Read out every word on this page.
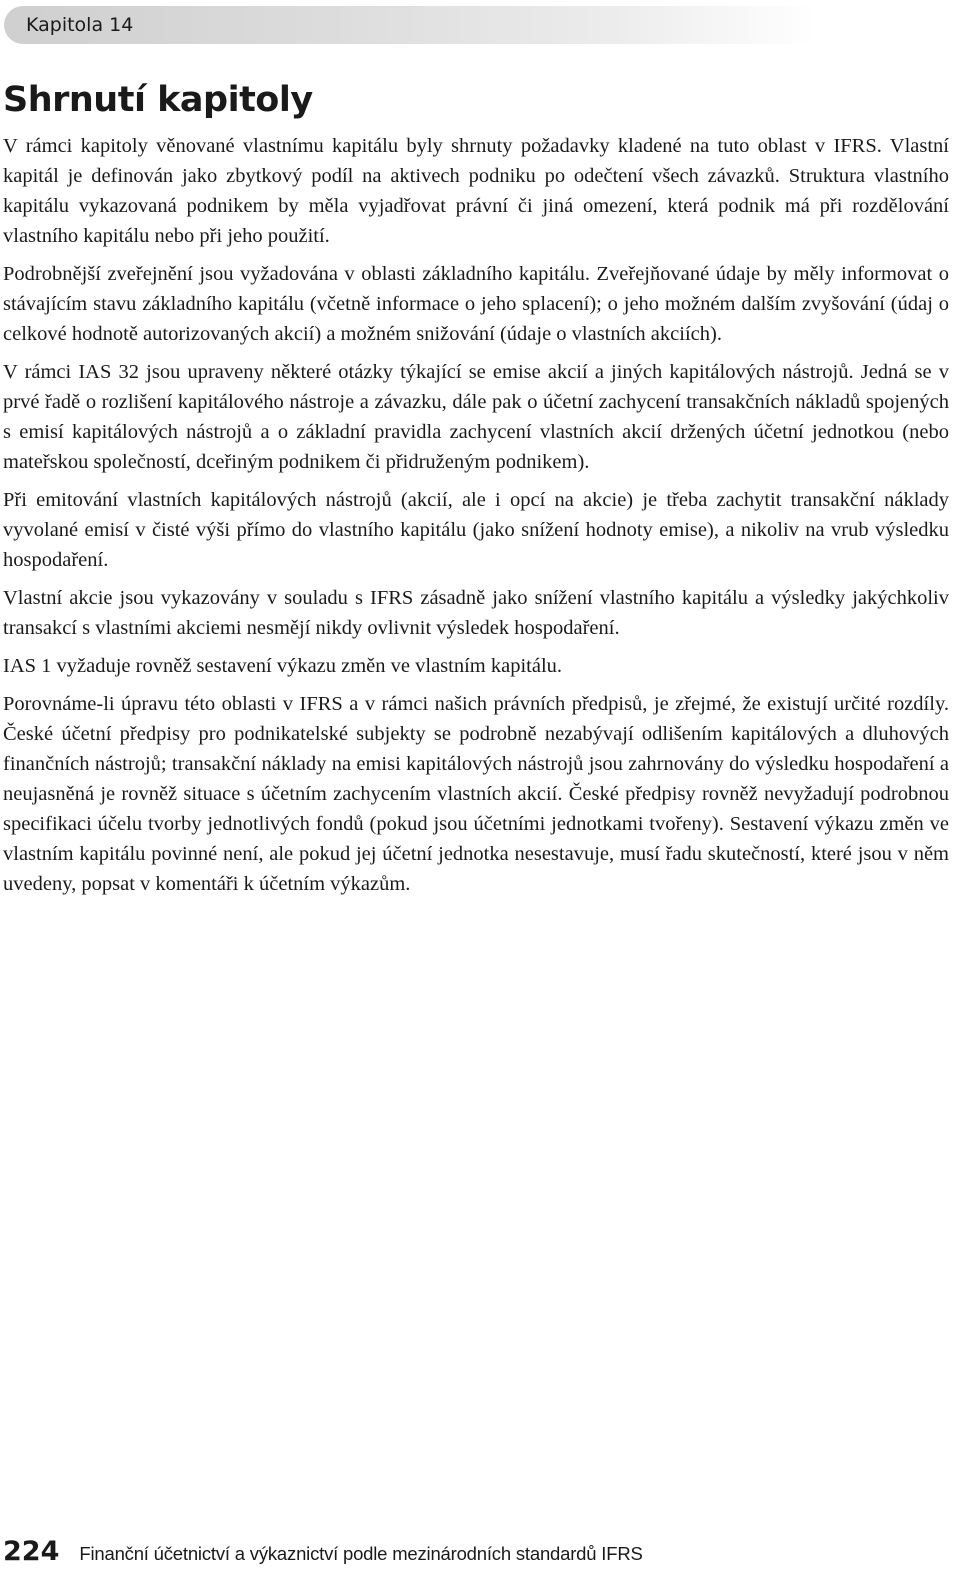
Kapitola 14
Shrnutí kapitoly

V rámci kapitoly věnované vlastnímu kapitálu byly shrnuty požadavky kladené na tuto oblast v IFRS. Vlastní kapitál je definován jako zbytkový podíl na aktivech podniku po odečtení všech závazků. Struktura vlastního kapitálu vykazovaná podnikem by měla vyjadřovat právní či jiná omezení, která podnik má při rozdělování vlastního kapitálu nebo při jeho použití.

Podrobnější zveřejnění jsou vyžadována v oblasti základního kapitálu. Zveřejňované údaje by měly informovat o stávajícím stavu základního kapitálu (včetně informace o jeho splacení); o jeho možném dalším zvyšování (údaj o celkové hodnotě autorizovaných akcií) a možném snižování (údaje o vlastních akciích).

V rámci IAS 32 jsou upraveny některé otázky týkající se emise akcií a jiných kapitálových nástrojů. Jedná se v prvé řadě o rozlišení kapitálového nástroje a závazku, dále pak o účetní zachycení transakčních nákladů spojených s emisí kapitálových nástrojů a o základní pravidla zachycení vlastních akcií držených účetní jednotkou (nebo mateřskou společností, dceřiným podnikem či přidruženým podnikem).

Při emitování vlastních kapitálových nástrojů (akcií, ale i opcí na akcie) je třeba zachytit transakční náklady vyvolané emisí v čisté výši přímo do vlastního kapitálu (jako snížení hodnoty emise), a nikoliv na vrub výsledku hospodaření.

Vlastní akcie jsou vykazovány v souladu s IFRS zásadně jako snížení vlastního kapitálu a výsledky jakýchkoliv transakcí s vlastními akciemi nesmějí nikdy ovlivnit výsledek hospodaření.

IAS 1 vyžaduje rovněž sestavení výkazu změn ve vlastním kapitálu.

Porovnáme-li úpravu této oblasti v IFRS a v rámci našich právních předpisů, je zřejmé, že existují určité rozdíly. České účetní předpisy pro podnikatelské subjekty se podrobně nezabývají odlišením kapitálových a dluhových finančních nástrojů; transakční náklady na emisi kapitálových nástrojů jsou zahrnovány do výsledku hospodaření a neujasněná je rovněž situace s účetním zachycením vlastních akcií. České předpisy rovněž nevyžadují podrobnou specifikaci účelu tvorby jednotlivých fondů (pokud jsou účetními jednotkami tvořeny). Sestavení výkazu změn ve vlastním kapitálu povinné není, ale pokud jej účetní jednotka nesestavuje, musí řadu skutečností, které jsou v něm uvedeny, popsat v komentáři k účetním výkazům.

224 Finanční účetnictví a výkaznictví podle mezinárodních standardů IFRS
